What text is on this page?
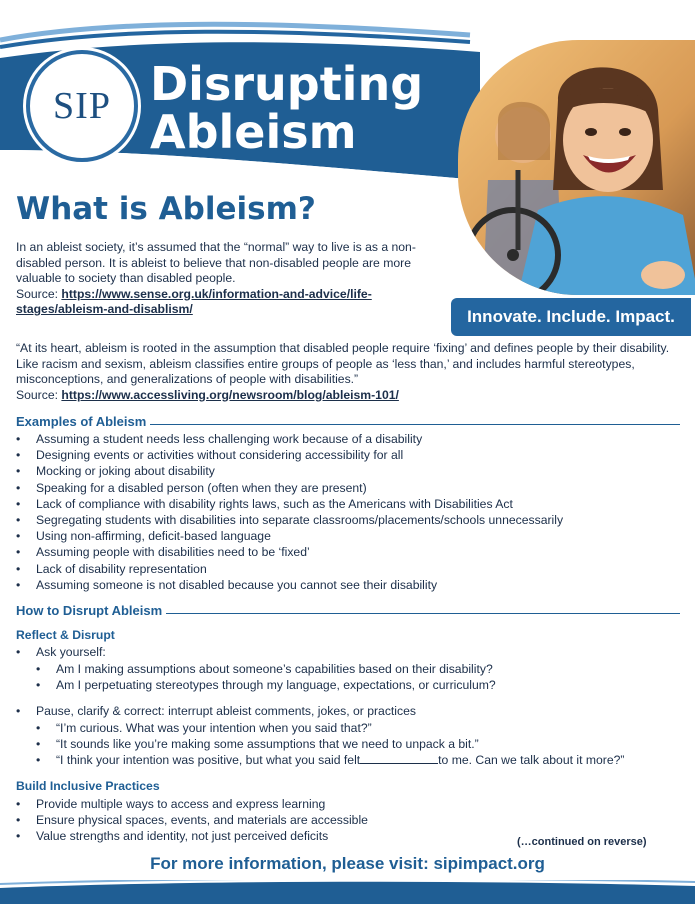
SIP Disrupting
Ableism
Innovate. Include. Impact.
What is Ableism?
In an ableist society, it’s assumed that the “normal” way to live is as a non-disabled person. It is ableist to believe that non-disabled people are more valuable to society than disabled people.
Source: https://www.sense.org.uk/information-and-advice/life-stages/ableism-and-disablism/
“At its heart, ableism is rooted in the assumption that disabled people require ‘fixing’ and defines people by their disability. Like racism and sexism, ableism classifies entire groups of people as ‘less than,’ and includes harmful stereotypes, misconceptions, and generalizations of people with disabilities.”
Source: https://www.accessliving.org/newsroom/blog/ableism-101/
Examples of Ableism
• Assuming a student needs less challenging work because of a disability
• Designing events or activities without considering accessibility for all
• Mocking or joking about disability
• Speaking for a disabled person (often when they are present)
• Lack of compliance with disability rights laws, such as the Americans with Disabilities Act
• Segregating students with disabilities into separate classrooms/placements/schools unnecessarily
• Using non-affirming, deficit-based language
• Assuming people with disabilities need to be ‘fixed’
• Lack of disability representation
• Assuming someone is not disabled because you cannot see their disability
How to Disrupt Ableism
Reflect & Disrupt
• Ask yourself:
• Am I making assumptions about someone’s capabilities based on their disability?
• Am I perpetuating stereotypes through my language, expectations, or curriculum?
• Pause, clarify & correct: interrupt ableist comments, jokes, or practices
• “I’m curious. What was your intention when you said that?”
• “It sounds like you’re making some assumptions that we need to unpack a bit.”
• “I think your intention was positive, but what you said felt	to me. Can we talk about it more?”
Build Inclusive Practices
• Provide multiple ways to access and express learning
• Ensure physical spaces, events, and materials are accessible
• Value strengths and identity, not just perceived deficits	(…continued on reverse)
For more information, please visit: sipimpact.org
